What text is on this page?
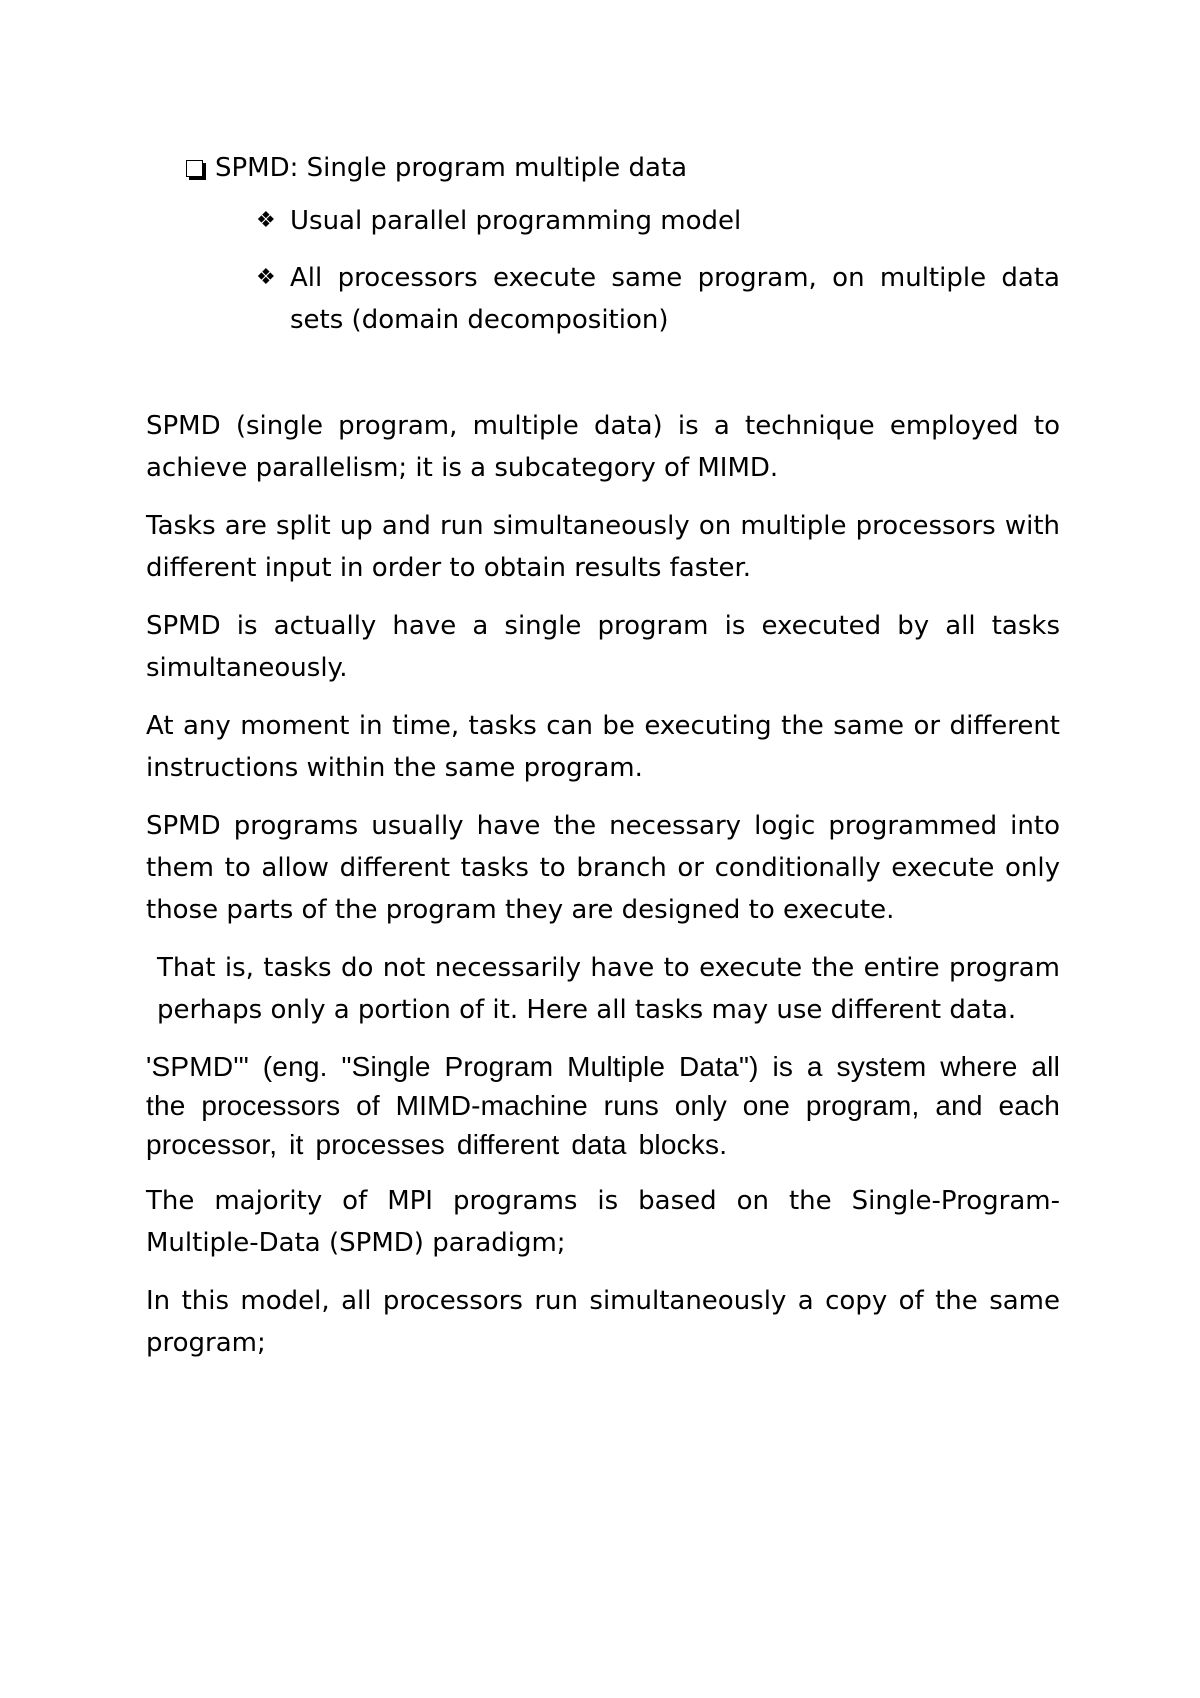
SPMD: Single program multiple data
❖ Usual parallel programming model
❖ All processors execute same program, on multiple data sets (domain decomposition)

SPMD (single program, multiple data) is a technique employed to achieve parallelism; it is a subcategory of MIMD.

Tasks are split up and run simultaneously on multiple processors with different input in order to obtain results faster.

SPMD is actually have a single program is executed by all tasks simultaneously.

At any moment in time, tasks can be executing the same or different instructions within the same program.

SPMD programs usually have the necessary logic programmed into them to allow different tasks to branch or conditionally execute only those parts of the program they are designed to execute.

That is, tasks do not necessarily have to execute the entire program perhaps only a portion of it. Here all tasks may use different data.

'SPMD'" (eng. "Single Program Multiple Data") is a system where all the processors of MIMD-machine runs only one program, and each processor, it processes different data blocks.

The majority of MPI programs is based on the Single-Program-Multiple-Data (SPMD) paradigm;

In this model, all processors run simultaneously a copy of the same program;
